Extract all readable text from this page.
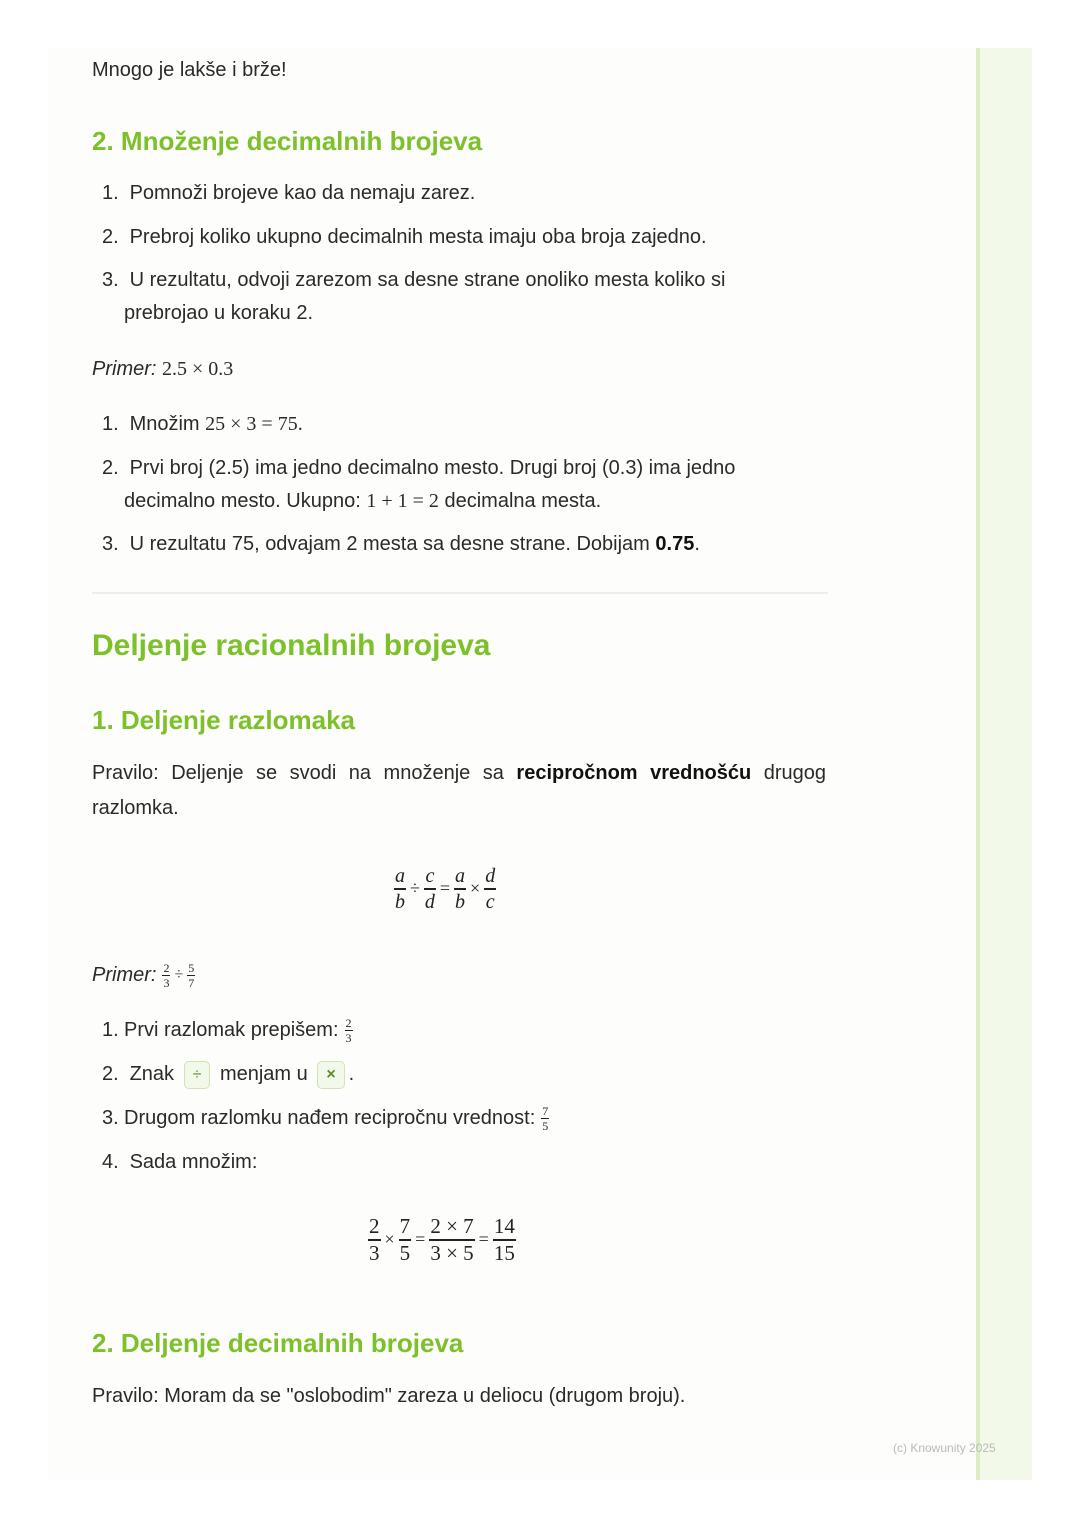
Mnogo je lakše i brže!
2. Množenje decimalnih brojeva
1. Pomnoži brojeve kao da nemaju zarez.
2. Prebroj koliko ukupno decimalnih mesta imaju oba broja zajedno.
3. U rezultatu, odvoji zarezom sa desne strane onoliko mesta koliko si
prebrojao u koraku 2.
Primer: 2.5 × 0.3
1. Množim 25 × 3 = 75.
2. Prvi broj (2.5) ima jedno decimalno mesto. Drugi broj (0.3) ima jedno
decimalno mesto. Ukupno: 1 + 1 = 2 decimalna mesta.
3. U rezultatu 75, odvajam 2 mesta sa desne strane. Dobijam 0.75.
Deljenje racionalnih brojeva
1. Deljenje razlomaka
Pravilo: Deljenje se svodi na množenje sa recipročnom vrednošću drugog razlomka.
$\frac{a}{b} \div \frac{c}{d} = \frac{a}{b} \times \frac{d}{c}$
Primer: $\frac{2}{3} \div \frac{5}{7}$
1. Prvi razlomak prepišem: $\frac{2}{3}$
2. Znak ÷ menjam u × .
3. Drugom razlomku nađem recipročnu vrednost: $\frac{7}{5}$
4. Sada množim:
$\frac{2}{3} \times \frac{7}{5} = \frac{2 \times 7}{3 \times 5} = \frac{14}{15}$
2. Deljenje decimalnih brojeva
Pravilo: Moram da se "oslobodim" zareza u deliocu (drugom broju).
(c) Knowunity 2025
